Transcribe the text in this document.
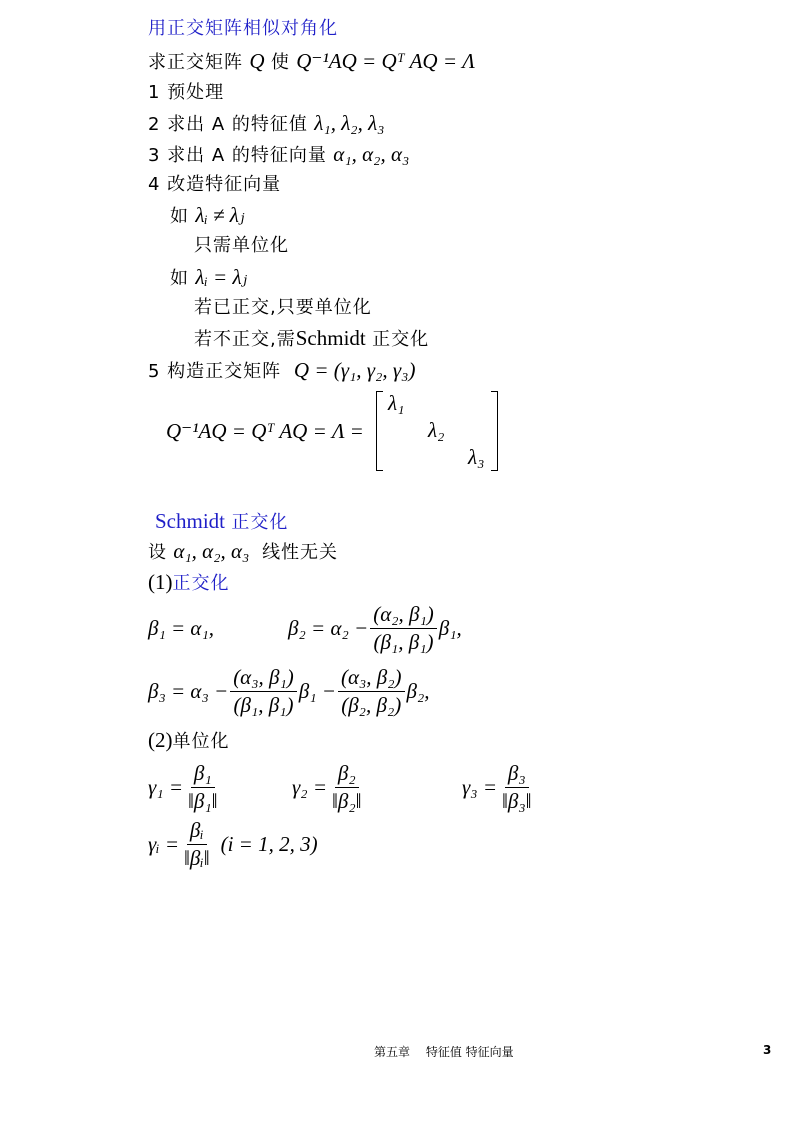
用正交矩阵相似对角化
求正交矩阵 Q 使 Q⁻¹AQ = Qᵀ AQ = Λ
1 预处理
2 求出 A 的特征值 λ₁, λ₂, λ₃
3 求出 A 的特征向量 α₁, α₂, α₃
4 改造特征向量
如 λᵢ ≠ λⱼ
只需单位化
如 λᵢ = λⱼ
若已正交,只要单位化
若不正交,需Schmidt 正交化
5 构造正交矩阵 Q = (γ₁, γ₂, γ₃)
Q⁻¹AQ = Qᵀ AQ = Λ =
λ₁
λ₂
λ₃
Schmidt 正交化
设 α₁, α₂, α₃ 线性无关
(1)正交化
β₁ = α₁,	$\beta_2 = \alpha_2 - \frac{\text{(α₂, β₁)}}{\text{(β₁, β₁)}} \beta_1$,
$\beta_3 = \alpha_3 - \frac{\text{(α₃, β₁)}}{\text{(β₁, β₁)}} \beta_1 - \frac{\text{(α₃, β₂)}}{\text{(β₂, β₂)}} \beta_2$,
(2)单位化
$\gamma_1 = \frac{\text{β₁}}{\text{‖β₁‖}}$	$\gamma_2 = \frac{\text{β₂}}{\text{‖β₂‖}}$	$\gamma_3 = \frac{\text{β₃}}{\text{‖β₃‖}}$
γᵢ = $\frac{\text{βᵢ}}{\text{‖βᵢ‖}} (i = 1$, 2, 3)
第五章　 特征值 特征向量	3
